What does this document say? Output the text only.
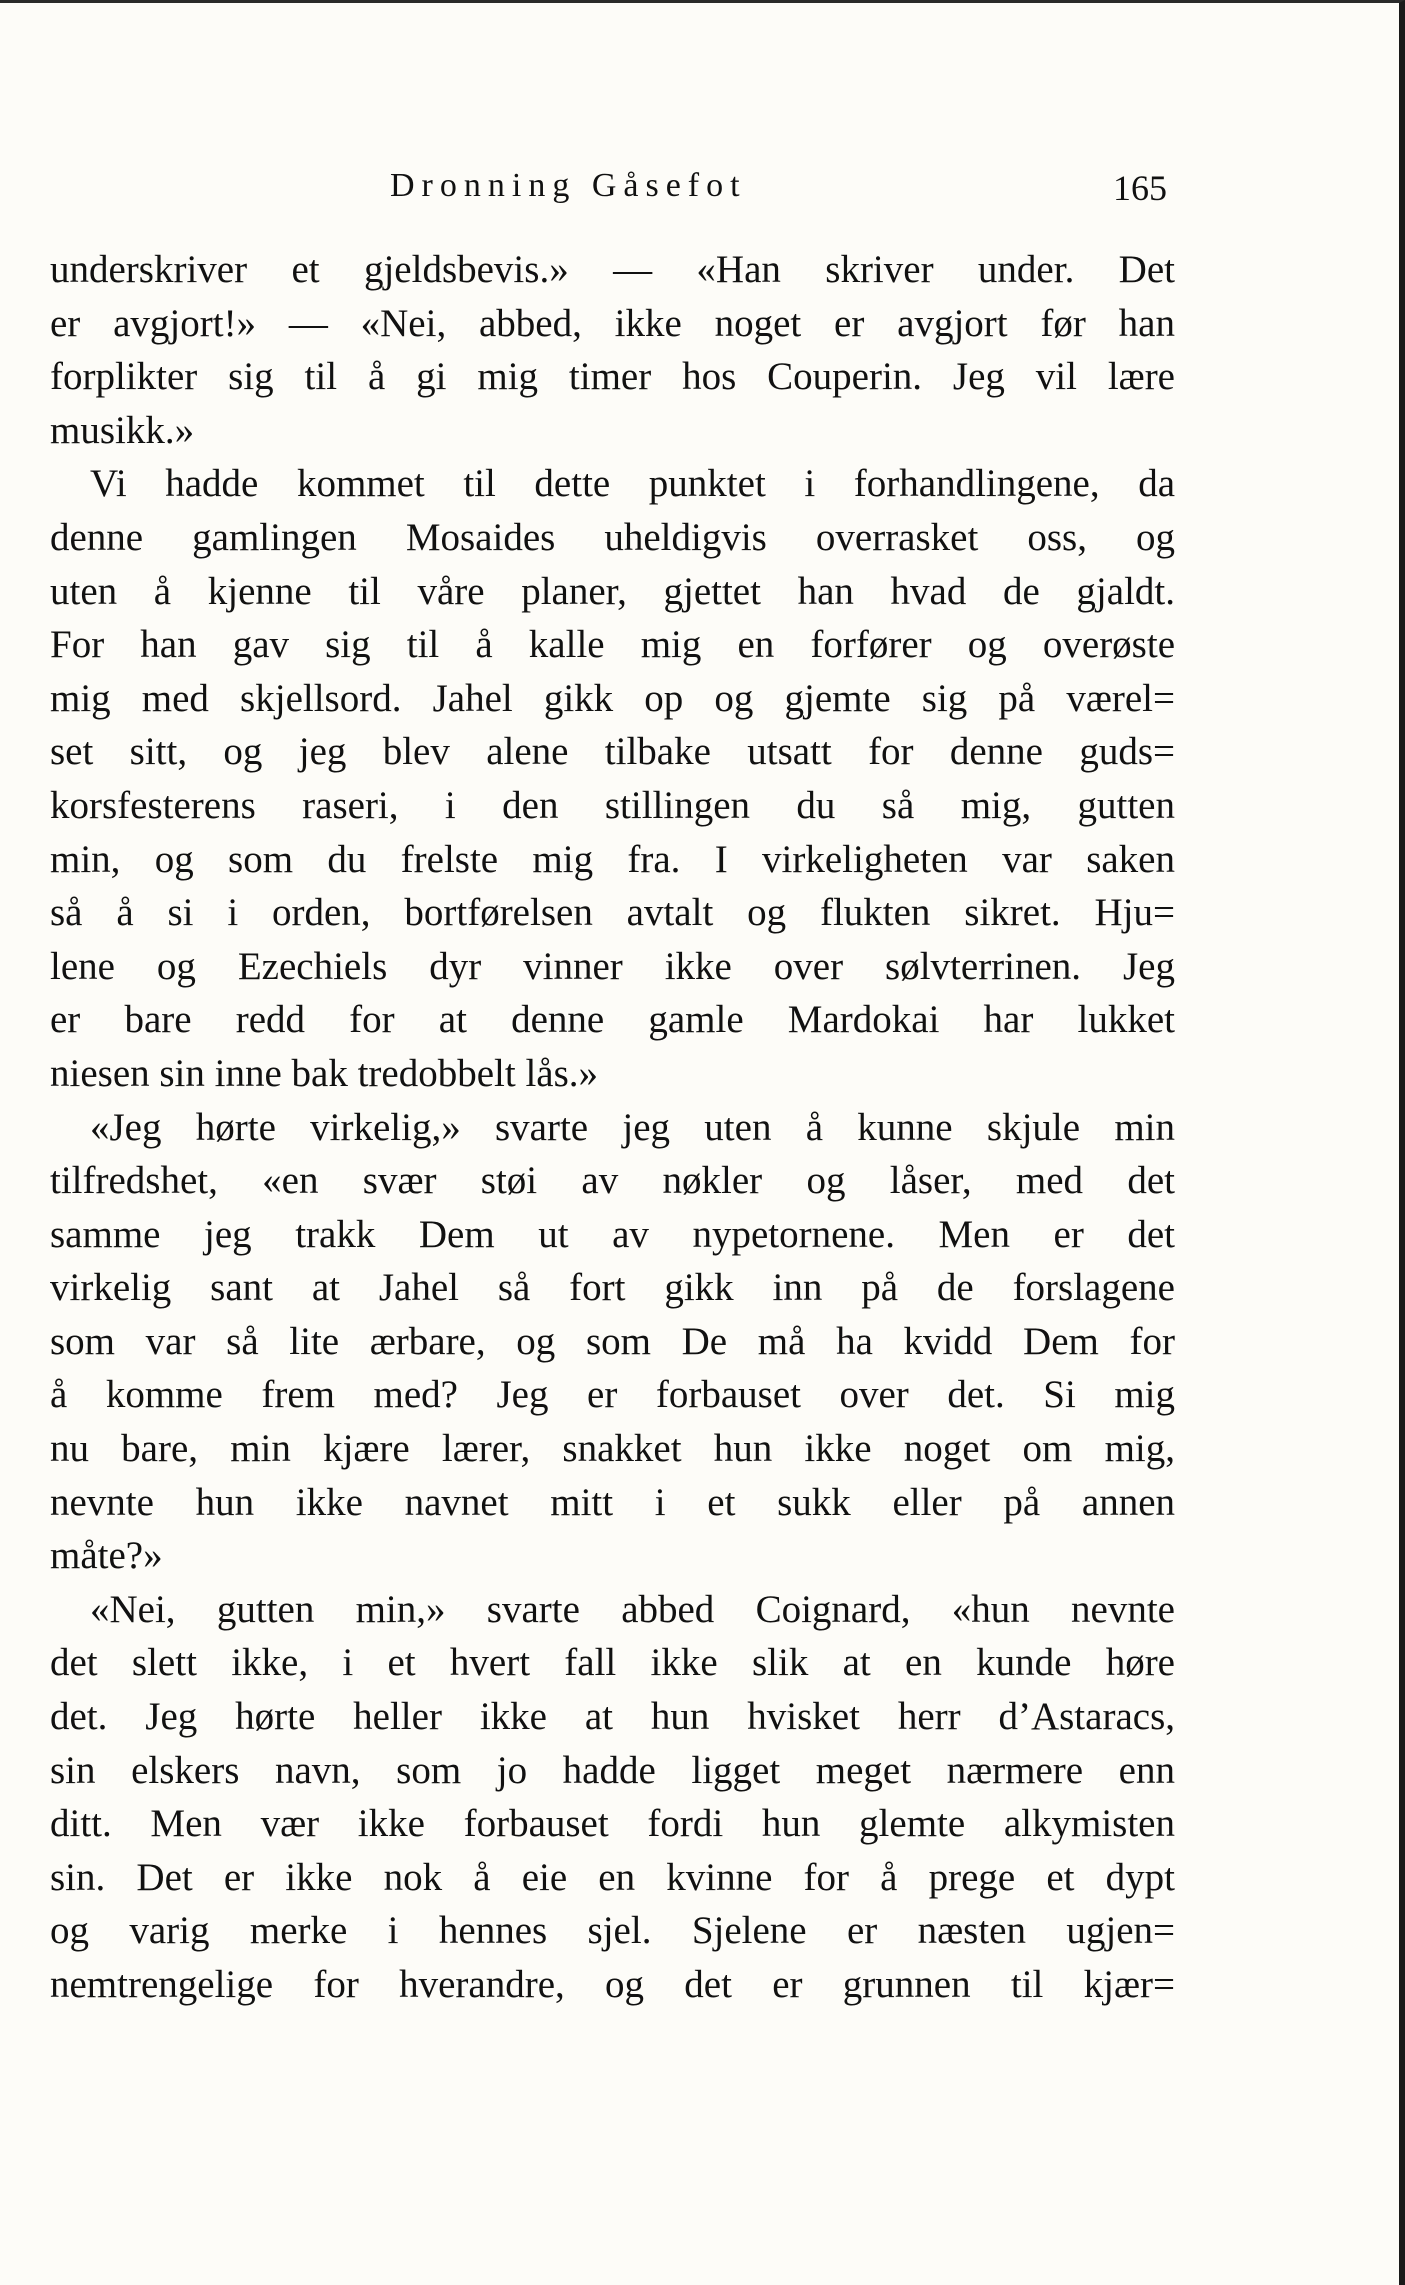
Dronning Gåsefot	165
underskriver et gjeldsbevis.» — «Han skriver under. Det
er avgjort!» — «Nei, abbed, ikke noget er avgjort før han
forplikter sig til å gi mig timer hos Couperin. Jeg vil lære
musikk.»
Vi hadde kommet til dette punktet i forhandlingene, da
denne gamlingen Mosaides uheldigvis overrasket oss, og
uten å kjenne til våre planer, gjettet han hvad de gjaldt.
For han gav sig til å kalle mig en forfører og overøste
mig med skjellsord. Jahel gikk op og gjemte sig på værel=
set sitt, og jeg blev alene tilbake utsatt for denne guds=
korsfesterens raseri, i den stillingen du så mig, gutten
min, og som du frelste mig fra. I virkeligheten var saken
så å si i orden, bortførelsen avtalt og flukten sikret. Hju=
lene og Ezechiels dyr vinner ikke over sølvterrinen. Jeg
er bare redd for at denne gamle Mardokai har lukket
niesen sin inne bak tredobbelt lås.»
«Jeg hørte virkelig,» svarte jeg uten å kunne skjule min
tilfredshet, «en svær støi av nøkler og låser, med det
samme jeg trakk Dem ut av nypetornene. Men er det
virkelig sant at Jahel så fort gikk inn på de forslagene
som var så lite ærbare, og som De må ha kvidd Dem for
å komme frem med? Jeg er forbauset over det. Si mig
nu bare, min kjære lærer, snakket hun ikke noget om mig,
nevnte hun ikke navnet mitt i et sukk eller på annen
måte?»
«Nei, gutten min,» svarte abbed Coignard, «hun nevnte
det slett ikke, i et hvert fall ikke slik at en kunde høre
det. Jeg hørte heller ikke at hun hvisket herr d’Astaracs,
sin elskers navn, som jo hadde ligget meget nærmere enn
ditt. Men vær ikke forbauset fordi hun glemte alkymisten
sin. Det er ikke nok å eie en kvinne for å prege et dypt
og varig merke i hennes sjel. Sjelene er næsten ugjen=
nemtrengelige for hverandre, og det er grunnen til kjær=
